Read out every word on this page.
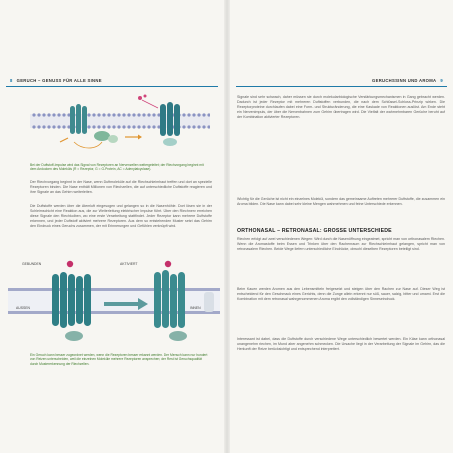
8 GERUCH – GENUSS FÜR ALLE SINNE	GERUCHSSINN UND AROMA 9
Bei der Duftstoff-Impulse wird das Signal von Rezeptoren an Nervenzellen weitergeleitet; der Riechvorgang beginnt mit dem Andocken des Moleküls (R = Rezeptor, G = G-Protein, AC = Adenylatcyclase).
Der Riechvorgang beginnt in der Nase, wenn Duftmoleküle auf die Riechschleimhaut treffen und dort an spezielle Rezeptoren binden. Die Nase enthält Millionen von Riechzellen, die auf unterschiedliche Duftstoffe reagieren und ihre Signale an das Gehirn weiterleiten.
Die Duftstoffe werden über die Atemluft eingesogen und gelangen so in die Nasenhöhle. Dort lösen sie in der Schleimschicht eine Reaktion aus, die zur Weiterleitung elektrischer Impulse führt. Über den Riechnerv erreichen diese Signale den Riechkolben, wo eine erste Verarbeitung stattfindet. Jeder Rezeptor kann mehrere Duftstoffe erkennen, und jeder Duftstoff aktiviert mehrere Rezeptoren. Aus dem so entstehenden Muster setzt das Gehirn den Eindruck eines Geruchs zusammen, der mit Erinnerungen und Gefühlen verknüpft wird.
GEBUNDEN	AKTIVIERT
AUSSEN	INNEN
Ein Geruch kann besser zugeordnet werden, wenn die Rezeptoren besser erkannt werden. Der Mensch kann nur hundert von Reizen unterscheiden, weil die einzelnen Moleküle mehrere Rezeptoren ansprechen; der Rest ist Geruchsqualität durch Mustererkennung der Riechzellen.
Signale sind sehr schwach, daher müssen sie durch molekularbiologische Verstärkungsmechanismen in Gang gebracht werden. Dadurch ist jeder Rezeptor mit mehreren Duftstoffen verbunden, die nach dem Schlüssel-Schloss-Prinzip wirken. Die Rezeptorproteine durchlaufen dabei eine Form- und Strukturänderung, die eine Kaskade von Reaktionen auslöst. Am Ende steht ein Nervenimpuls, der über die Nervenbahnen zum Gehirn übertragen wird. Die Vielfalt der wahrnehmbaren Gerüche beruht auf der Kombination aktivierter Rezeptoren.
Wichtig für die Gerüche ist nicht ein einzelnes Molekül, sondern das gemeinsame Auftreten mehrerer Duftstoffe, die zusammen ein Aroma bilden. Die Nase kann dabei sehr kleine Mengen wahrnehmen und feine Unterschiede erkennen.
ORTHONASAL – RETRONASAL: GROSSE UNTERSCHIEDE
Riechen erfolgt auf zwei verschiedenen Wegen: Wird durch die Nasenöffnung eingeatmet, spricht man von orthonasalem Riechen. Wenn die Aromastoffe beim Essen und Trinken über den Rachenraum zur Riechschleimhaut gelangen, spricht man von retronasalem Riechen. Beide Wege liefern unterschiedliche Eindrücke, obwohl dieselben Rezeptoren beteiligt sind.
Beim Kauen werden Aromen aus den Lebensmitteln freigesetzt und steigen über den Rachen zur Nase auf. Dieser Weg ist entscheidend für den Geschmack eines Gerichts, denn die Zunge allein erkennt nur süß, sauer, salzig, bitter und umami. Erst die Kombination mit dem retronasal wahrgenommenen Aroma ergibt den vollständigen Sinneseindruck.
Interessant ist dabei, dass die Duftstoffe durch verschiedene Wege unterschiedlich bewertet werden. Ein Käse kann orthonasal unangenehm riechen, im Mund aber angenehm schmecken. Die Ursache liegt in der Verarbeitung der Signale im Gehirn, das die Herkunft der Reize berücksichtigt und entsprechend interpretiert.
